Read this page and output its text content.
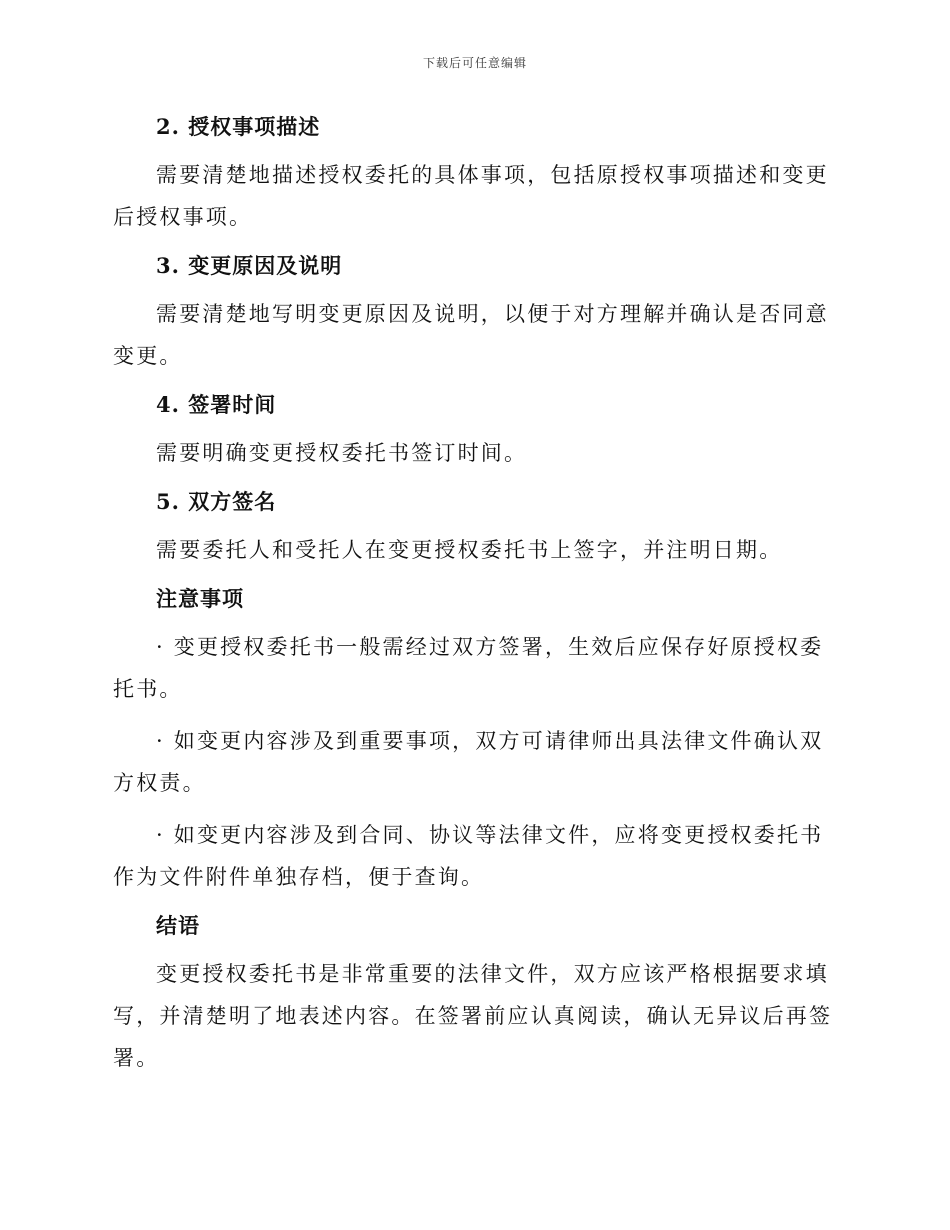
下载后可任意编辑
2. 授权事项描述

需要清楚地描述授权委托的具体事项，包括原授权事项描述和变更后授权事项。

3. 变更原因及说明

需要清楚地写明变更原因及说明，以便于对方理解并确认是否同意变更。

4. 签署时间

需要明确变更授权委托书签订时间。

5. 双方签名

需要委托人和受托人在变更授权委托书上签字，并注明日期。

注意事项

· 变更授权委托书一般需经过双方签署，生效后应保存好原授权委托书。

· 如变更内容涉及到重要事项，双方可请律师出具法律文件确认双方权责。

· 如变更内容涉及到合同、协议等法律文件，应将变更授权委托书作为文件附件单独存档，便于查询。

结语

变更授权委托书是非常重要的法律文件，双方应该严格根据要求填写，并清楚明了地表述内容。在签署前应认真阅读，确认无异议后再签署。
